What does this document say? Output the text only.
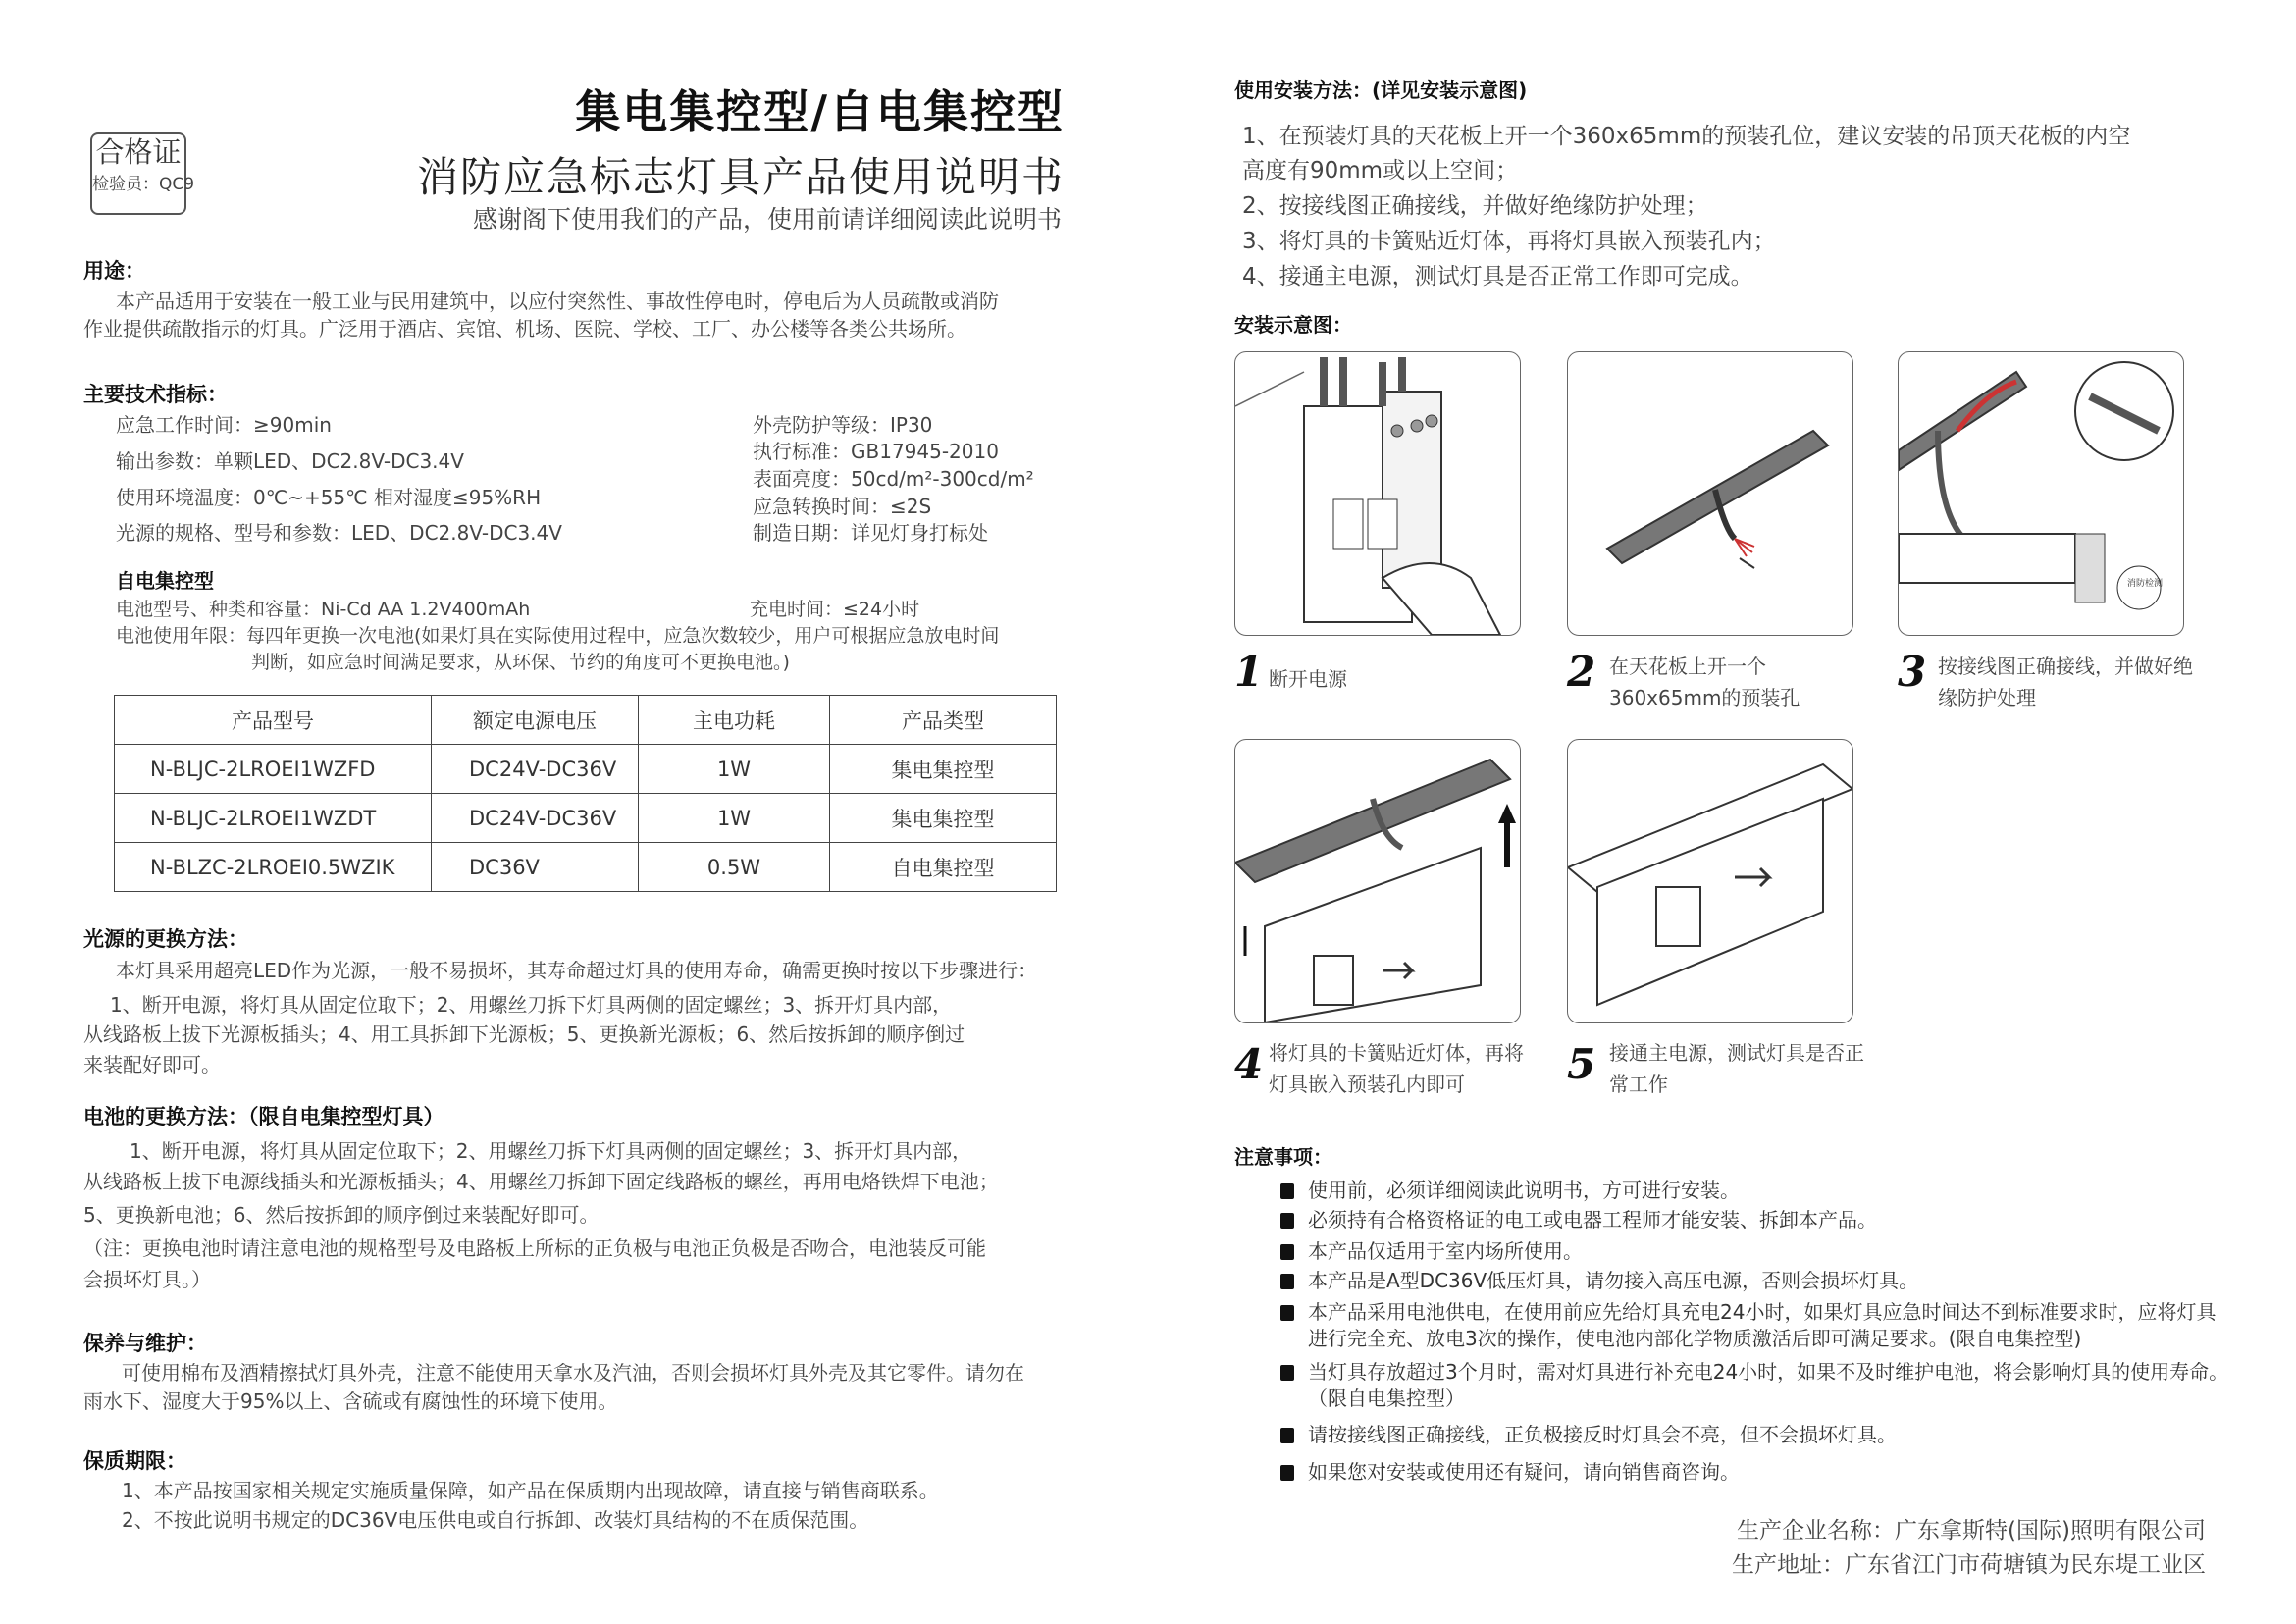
集电集控型/自电集控型
消防应急标志灯具产品使用说明书
感谢阁下使用我们的产品，使用前请详细阅读此说明书
合格证
检验员：QC9
用途：
本产品适用于安装在一般工业与民用建筑中，以应付突然性、事故性停电时，停电后为人员疏散或消防
作业提供疏散指示的灯具。广泛用于酒店、宾馆、机场、医院、学校、工厂、办公楼等各类公共场所。
主要技术指标：
应急工作时间：≥90min
输出参数：单颗LED、DC2.8V-DC3.4V
使用环境温度：0℃~+55℃ 相对湿度≤95%RH
光源的规格、型号和参数：LED、DC2.8V-DC3.4V
外壳防护等级：IP30
执行标准：GB17945-2010
表面亮度：50cd/m²-300cd/m²
应急转换时间：≤2S
制造日期：详见灯身打标处
自电集控型
电池型号、种类和容量：Ni-Cd AA 1.2V400mAh	充电时间：≤24小时
电池使用年限：每四年更换一次电池(如果灯具在实际使用过程中，应急次数较少，用户可根据应急放电时间
判断，如应急时间满足要求，从环保、节约的角度可不更换电池。)
产品型号	额定电源电压	主电功耗	产品类型
N-BLJC-2LROEⅠ1WZFD	DC24V-DC36V	1W	集电集控型
N-BLJC-2LROEⅠ1WZDT	DC24V-DC36V	1W	集电集控型
N-BLZC-2LROEⅠ0.5WZIK	DC36V	0.5W	自电集控型
光源的更换方法：
本灯具采用超亮LED作为光源，一般不易损坏，其寿命超过灯具的使用寿命，确需更换时按以下步骤进行：
1、断开电源，将灯具从固定位取下；2、用螺丝刀拆下灯具两侧的固定螺丝；3、拆开灯具内部，
从线路板上拔下光源板插头；4、用工具拆卸下光源板；5、更换新光源板；6、然后按拆卸的顺序倒过
来装配好即可。
电池的更换方法：（限自电集控型灯具）
1、断开电源，将灯具从固定位取下；2、用螺丝刀拆下灯具两侧的固定螺丝；3、拆开灯具内部，
从线路板上拔下电源线插头和光源板插头；4、用螺丝刀拆卸下固定线路板的螺丝，再用电烙铁焊下电池；
5、更换新电池；6、然后按拆卸的顺序倒过来装配好即可。
（注：更换电池时请注意电池的规格型号及电路板上所标的正负极与电池正负极是否吻合，电池装反可能
会损坏灯具。）
保养与维护：
可使用棉布及酒精擦拭灯具外壳，注意不能使用天拿水及汽油，否则会损坏灯具外壳及其它零件。请勿在
雨水下、湿度大于95%以上、含硫或有腐蚀性的环境下使用。
保质期限：
1、本产品按国家相关规定实施质量保障，如产品在保质期内出现故障，请直接与销售商联系。
2、不按此说明书规定的DC36V电压供电或自行拆卸、改装灯具结构的不在质保范围。
使用安装方法：(详见安装示意图)
1、在预装灯具的天花板上开一个360x65mm的预装孔位，建议安装的吊顶天花板的内空
高度有90mm或以上空间；
2、按接线图正确接线，并做好绝缘防护处理；
3、将灯具的卡簧贴近灯体，再将灯具嵌入预装孔内；
4、接通主电源，测试灯具是否正常工作即可完成。
安装示意图：
1 断开电源	2 在天花板上开一个360x65mm的预装孔
消防检测
3 按接线图正确接线，并做好绝缘防护处理
4 将灯具的卡簧贴近灯体，再将灯具嵌入预装孔内即可	5 接通主电源，测试灯具是否正常工作
注意事项：
使用前，必须详细阅读此说明书，方可进行安装。
必须持有合格资格证的电工或电器工程师才能安装、拆卸本产品。
本产品仅适用于室内场所使用。
本产品是A型DC36V低压灯具，请勿接入高压电源，否则会损坏灯具。
本产品采用电池供电，在使用前应先给灯具充电24小时，如果灯具应急时间达不到标准要求时，应将灯具进行完全充、放电3次的操作，使电池内部化学物质激活后即可满足要求。(限自电集控型)
当灯具存放超过3个月时，需对灯具进行补充电24小时，如果不及时维护电池，将会影响灯具的使用寿命。（限自电集控型）
请按接线图正确接线，正负极接反时灯具会不亮，但不会损坏灯具。
如果您对安装或使用还有疑问，请向销售商咨询。
生产企业名称：广东拿斯特(国际)照明有限公司
生产地址：广东省江门市荷塘镇为民东堤工业区
